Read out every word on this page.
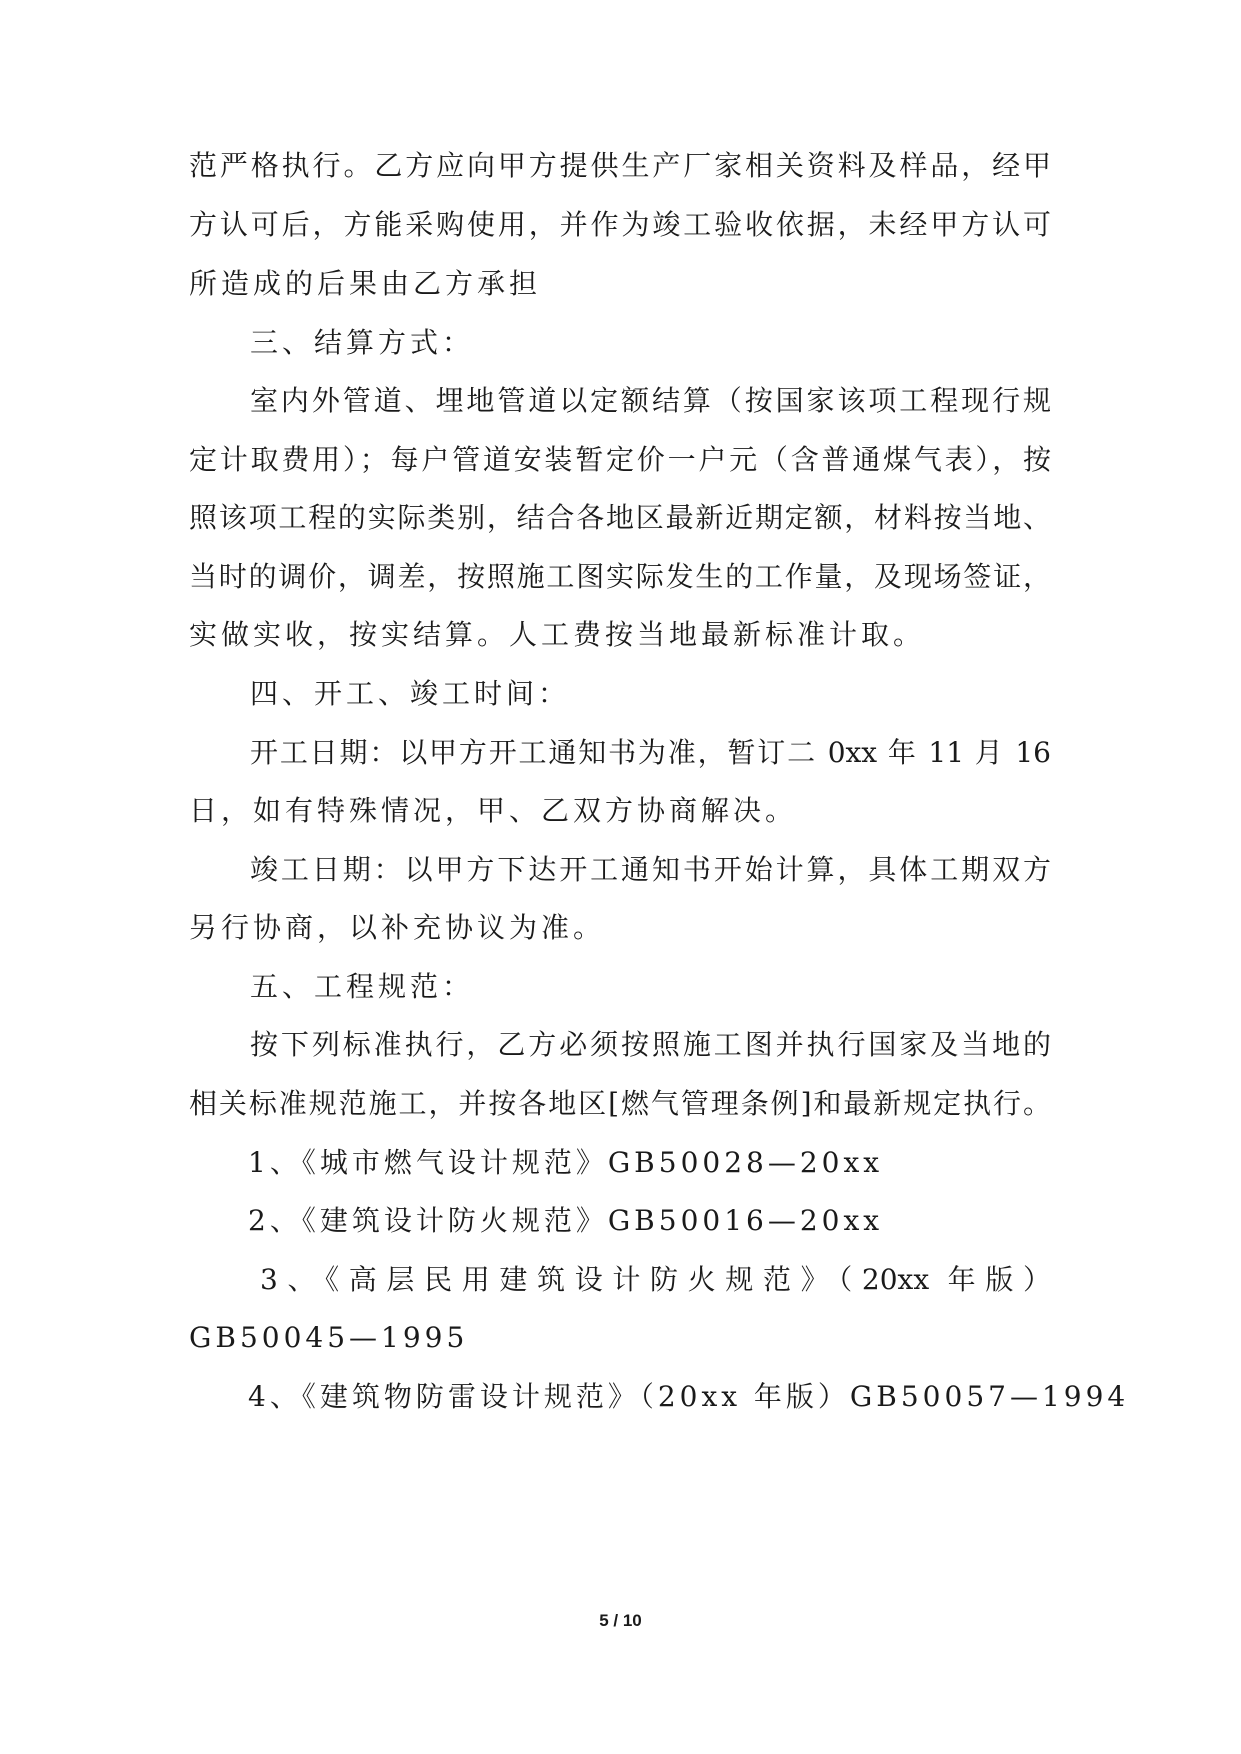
范严格执行。乙方应向甲方提供生产厂家相关资料及样品，经甲
方认可后，方能采购使用，并作为竣工验收依据，未经甲方认可
所造成的后果由乙方承担
三、结算方式：
室内外管道、埋地管道以定额结算（按国家该项工程现行规
定计取费用）；每户管道安装暂定价一户元（含普通煤气表），按
照该项工程的实际类别，结合各地区最新近期定额，材料按当地、
当时的调价，调差，按照施工图实际发生的工作量，及现场签证，
实做实收，按实结算。人工费按当地最新标准计取。
四、开工、竣工时间：
开工日期：以甲方开工通知书为准，暂订二 0xx 年 11 月 16
日，如有特殊情况，甲、乙双方协商解决。
竣工日期：以甲方下达开工通知书开始计算，具体工期双方
另行协商，以补充协议为准。
五、工程规范：
按下列标准执行，乙方必须按照施工图并执行国家及当地的
相关标准规范施工，并按各地区[燃气管理条例]和最新规定执行。
1、《城市燃气设计规范》GB50028—20xx
2、《建筑设计防火规范》GB50016—20xx
3、《高层民用建筑设计防火规范》（20xx 年版）
GB50045—1995
4、《建筑物防雷设计规范》（20xx 年版）GB50057—1994
5 / 10
